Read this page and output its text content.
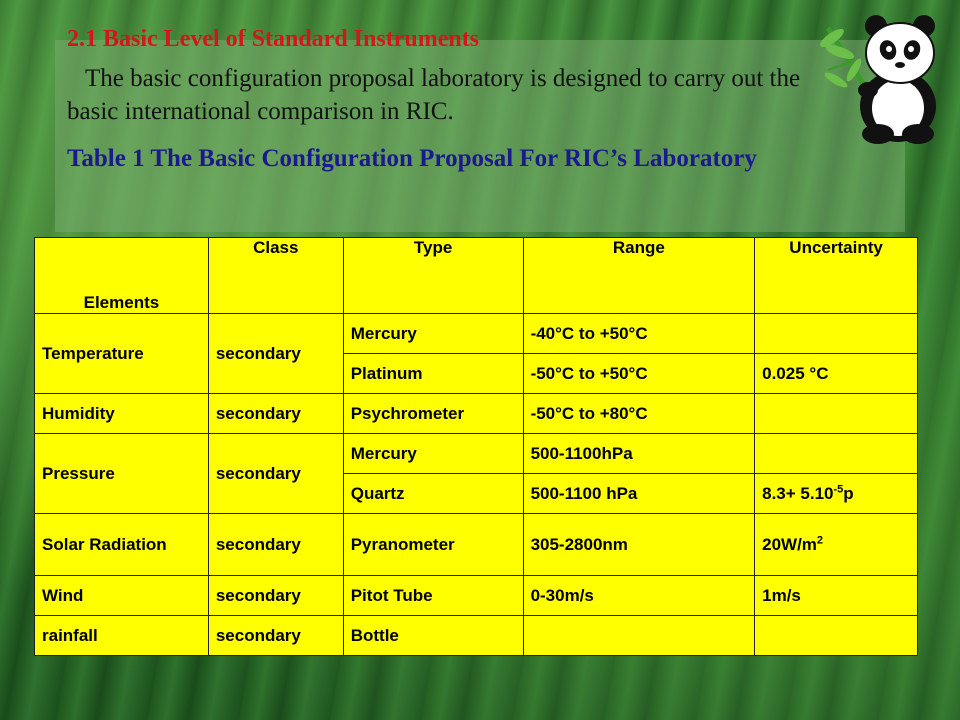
2.1 Basic Level of Standard Instruments

The basic configuration proposal laboratory is designed to carry out the basic international comparison in RIC.

Table 1 The Basic Configuration Proposal For RIC’s Laboratory

Elements	Class	Type	Range	Uncertainty
Temperature	secondary	Mercury	-40°C to +50°C	
		Platinum	-50°C to +50°C	0.025 °C
Humidity	secondary	Psychrometer	-50°C to +80°C	
Pressure	secondary	Mercury	500-1100hPa	
		Quartz	500-1100 hPa	$8.3+ 5.10^{-5}p$
Solar Radiation	secondary	Pyranometer	305-2800nm	$20W/m^2$
Wind	secondary	Pitot Tube	0-30m/s	1m/s
rainfall	secondary	Bottle		
